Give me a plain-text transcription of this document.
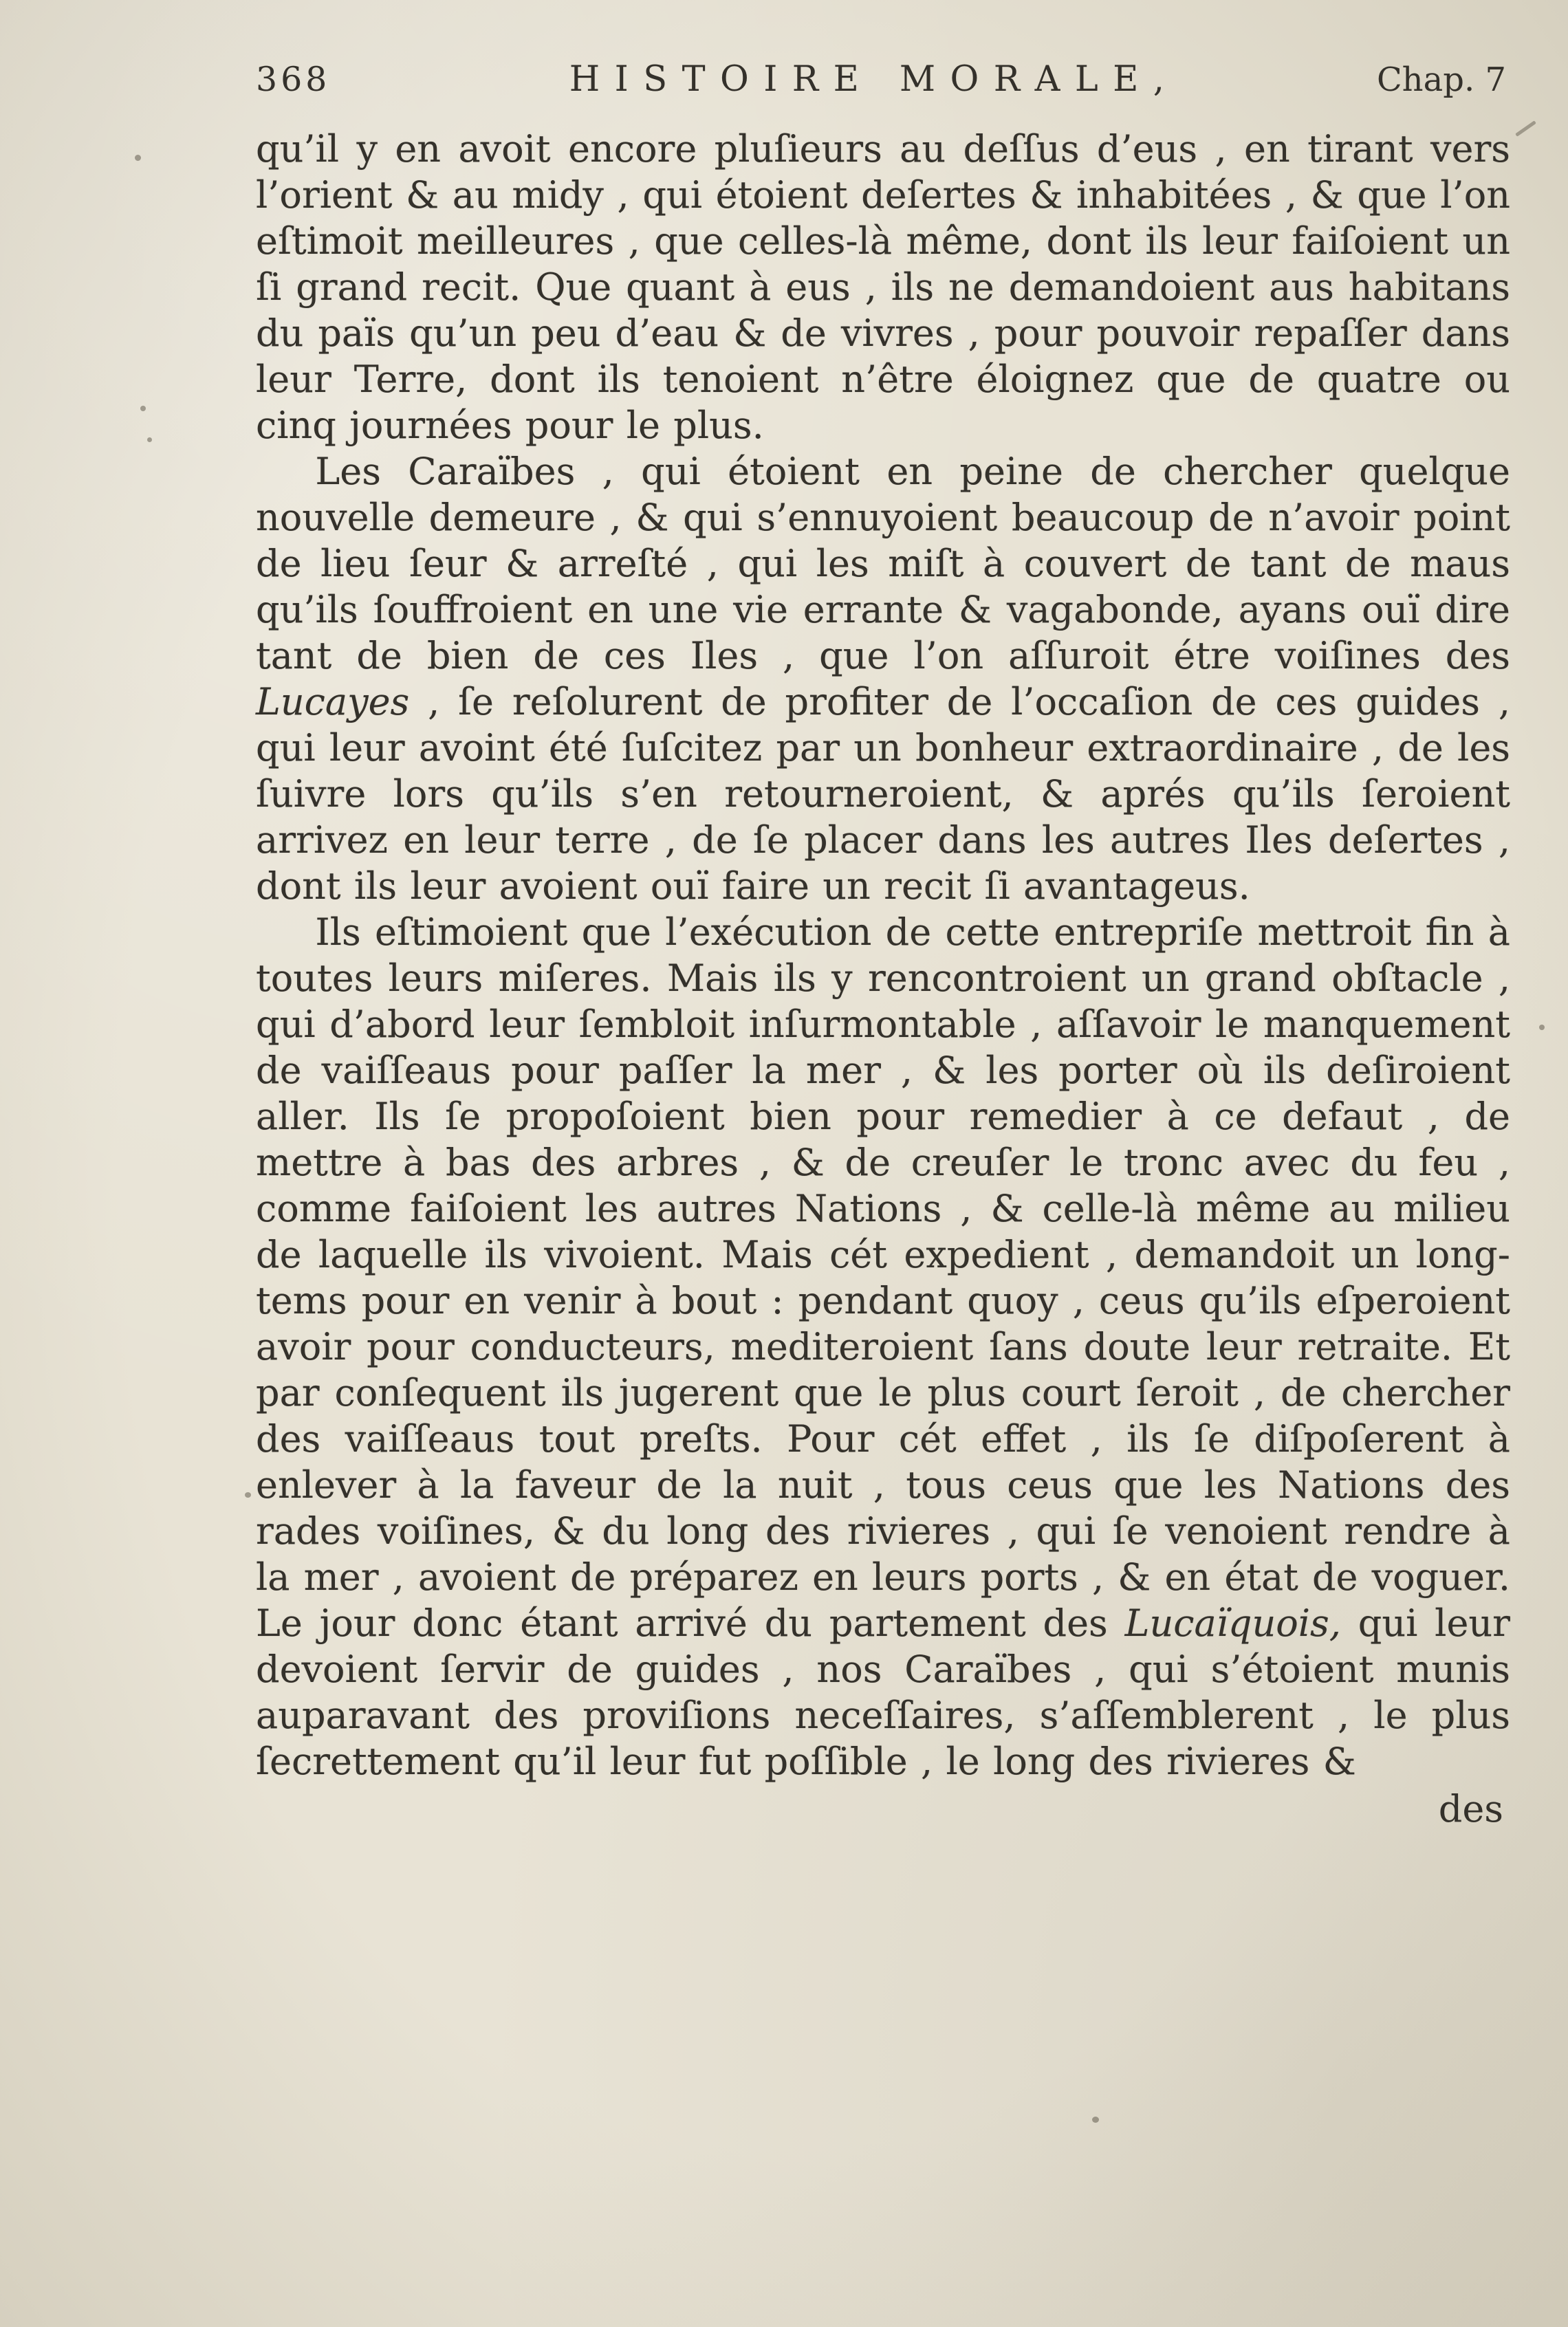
368	HISTOIRE MORALE,	Chap. 7

qu’il y en avoit encore pluſieurs au deſſus d’eus , en tirant vers l’orient & au midy , qui étoient deſertes & inhabitées , & que l’on eſtimoit meilleures , que celles-là même, dont ils leur faiſoient un ſi grand recit. Que quant à eus , ils ne demandoient aus habitans du païs qu’un peu d’eau & de vivres , pour pouvoir repaſſer dans leur Terre, dont ils tenoient n’être éloignez que de quatre ou cinq journées pour le plus.

Les Caraïbes , qui étoient en peine de chercher quelque nouvelle demeure , & qui s’ennuyoient beaucoup de n’avoir point de lieu ſeur & arreſté , qui les miſt à couvert de tant de maus qu’ils ſouffroient en une vie errante & vagabonde, ayans ouï dire tant de bien de ces Iles , que l’on aſſuroit étre voiſines des Lucayes , ſe reſolurent de profiter de l’occaſion de ces guides , qui leur avoint été ſuſcitez par un bonheur extraordinaire , de les ſuivre lors qu’ils s’en retourneroient, & aprés qu’ils ſeroient arrivez en leur terre , de ſe placer dans les autres Iles deſertes , dont ils leur avoient ouï faire un recit ſi avantageus.

Ils eſtimoient que l’exécution de cette entrepriſe mettroit fin à toutes leurs miſeres. Mais ils y rencontroient un grand obſtacle , qui d’abord leur ſembloit inſurmontable , aſſavoir le manquement de vaiſſeaus pour paſſer la mer , & les porter où ils deſiroient aller. Ils ſe propoſoient bien pour remedier à ce defaut , de mettre à bas des arbres , & de creuſer le tronc avec du feu , comme faiſoient les autres Nations , & celle-là même au milieu de laquelle ils vivoient. Mais cét expedient , demandoit un long-tems pour en venir à bout : pendant quoy , ceus qu’ils eſperoient avoir pour conducteurs, mediteroient ſans doute leur retraite. Et par conſequent ils jugerent que le plus court ſeroit , de chercher des vaiſſeaus tout preſts. Pour cét effet , ils ſe diſpoſerent à enlever à la faveur de la nuit , tous ceus que les Nations des rades voiſines, & du long des rivieres , qui ſe venoient rendre à la mer , avoient de préparez en leurs ports , & en état de voguer. Le jour donc étant arrivé du partement des Lucaïquois, qui leur devoient ſervir de guides , nos Caraïbes , qui s’étoient munis auparavant des proviſions neceſſaires, s’aſſemblerent , le plus ſecrettement qu’il leur fut poſſible , le long des rivieres &

des
